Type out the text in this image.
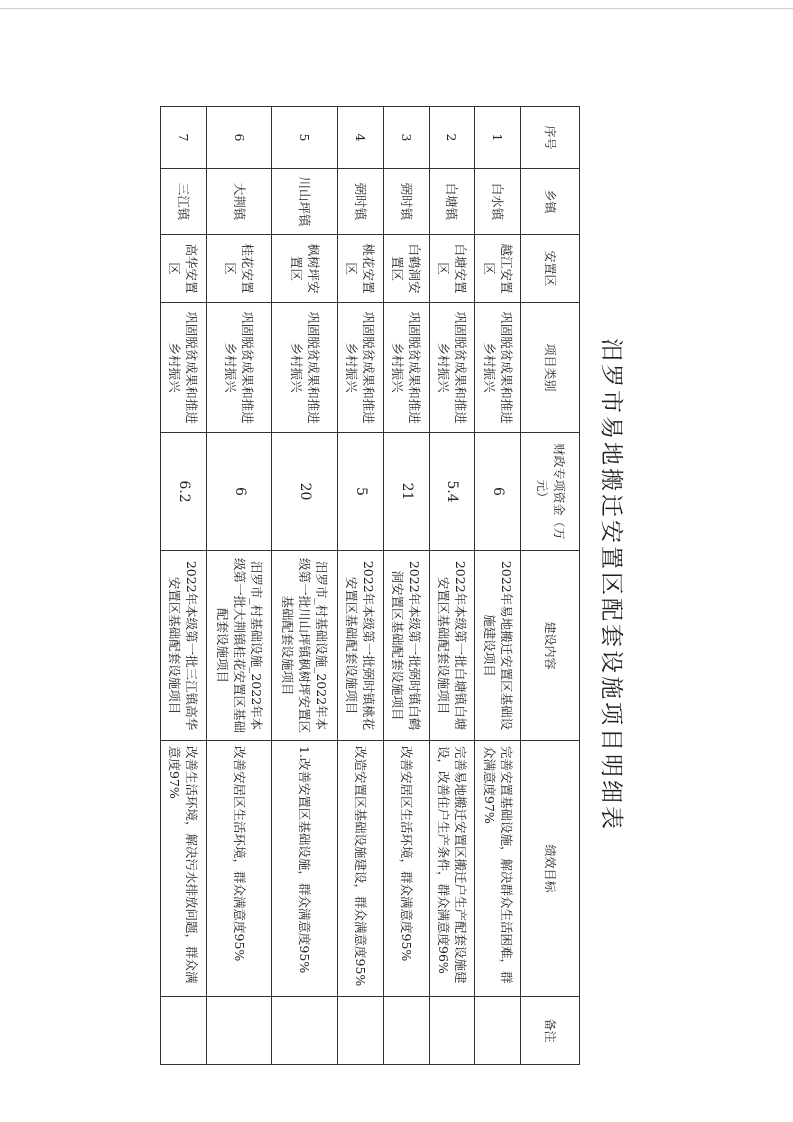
汨罗市易地搬迁安置区配套设施项目明细表
序号	乡镇	安置区	项目类别	财政专项资金（万元）	建设内容	绩效目标	备注
1	白水镇	越江安置区	巩固脱贫成果和推进乡村振兴	6	2022年易地搬迁安置区基础设施建设项目	完善安置基础设施，解决群众生活困难，群众满意度97%	
2	白塘镇	白塘安置区	巩固脱贫成果和推进乡村振兴	5.4	2022年本级第一批白塘镇白塘安置区基础配套设施项目	完善易地搬迁安置区搬迁户生产配套设施建设，改善住户生产条件，群众满意度96%	
3	弼时镇	白鹤洞安置区	巩固脱贫成果和推进乡村振兴	21	2022年本级第一批弼时镇白鹤洞安置区基础配套设施项目	改善安居区生活环境，群众满意度95%	
4	弼时镇	桃花安置区	巩固脱贫成果和推进乡村振兴	5	2022年本级第一批弼时镇桃花安置区基础配套设施项目	改造安置区基础设施建设，群众满意度95%	
5	川山坪镇	枫树坪安置区	巩固脱贫成果和推进乡村振兴	20	汨罗市_村基础设施_2022年本级第一批川山坪镇枫树坪安置区基础配套设施项目	1.改善安置区基础设施，群众满意度95%	
6	大荆镇	桂花安置区	巩固脱贫成果和推进乡村振兴	6	汨罗市_村基础设施_2022年本级第一批大荆镇桂花安置区基础配套设施项目	改善安居区生活环境，群众满意度95%	
7	三江镇	高华安置区	巩固脱贫成果和推进乡村振兴	6.2	2022年本级第一批三江镇高华安置区基础配套设施项目	改善生活环境，解决污水排放问题，群众满意度97%	
